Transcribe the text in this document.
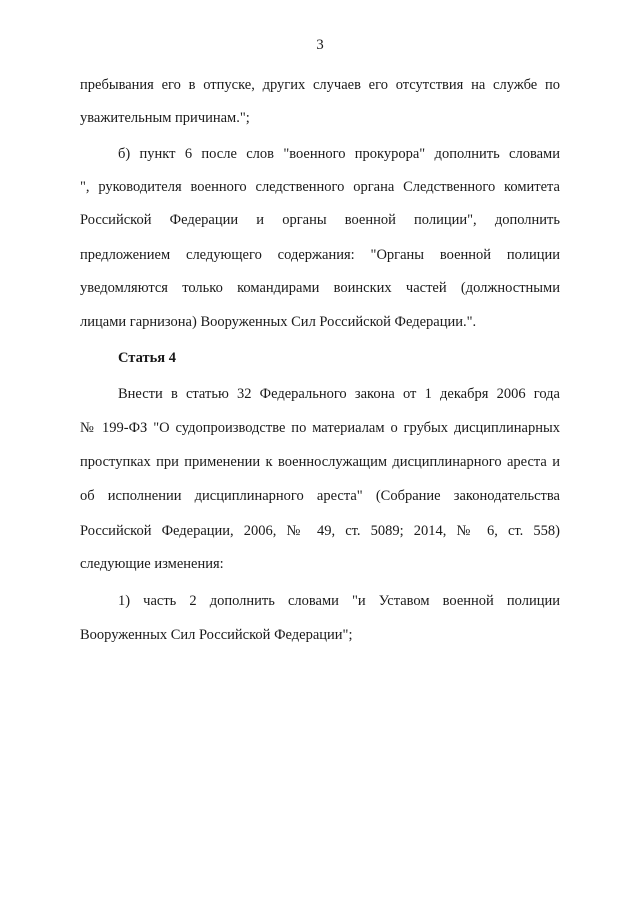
3
пребывания его в отпуске, других случаев его отсутствия на службе по
уважительным причинам.";
б) пункт 6 после слов "военного прокурора" дополнить словами
", руководителя военного следственного органа Следственного комитета
Российской Федерации и органы военной полиции", дополнить
предложением следующего содержания: "Органы военной полиции
уведомляются только командирами воинских частей (должностными
лицами гарнизона) Вооруженных Сил Российской Федерации.".
Статья 4
Внести в статью 32 Федерального закона от 1 декабря 2006 года
№ 199-ФЗ "О судопроизводстве по материалам о грубых дисциплинарных
проступках при применении к военнослужащим дисциплинарного ареста и
об исполнении дисциплинарного ареста" (Собрание законодательства
Российской Федерации, 2006, № 49, ст. 5089; 2014, № 6, ст. 558)
следующие изменения:
1) часть 2 дополнить словами "и Уставом военной полиции
Вооруженных Сил Российской Федерации";
